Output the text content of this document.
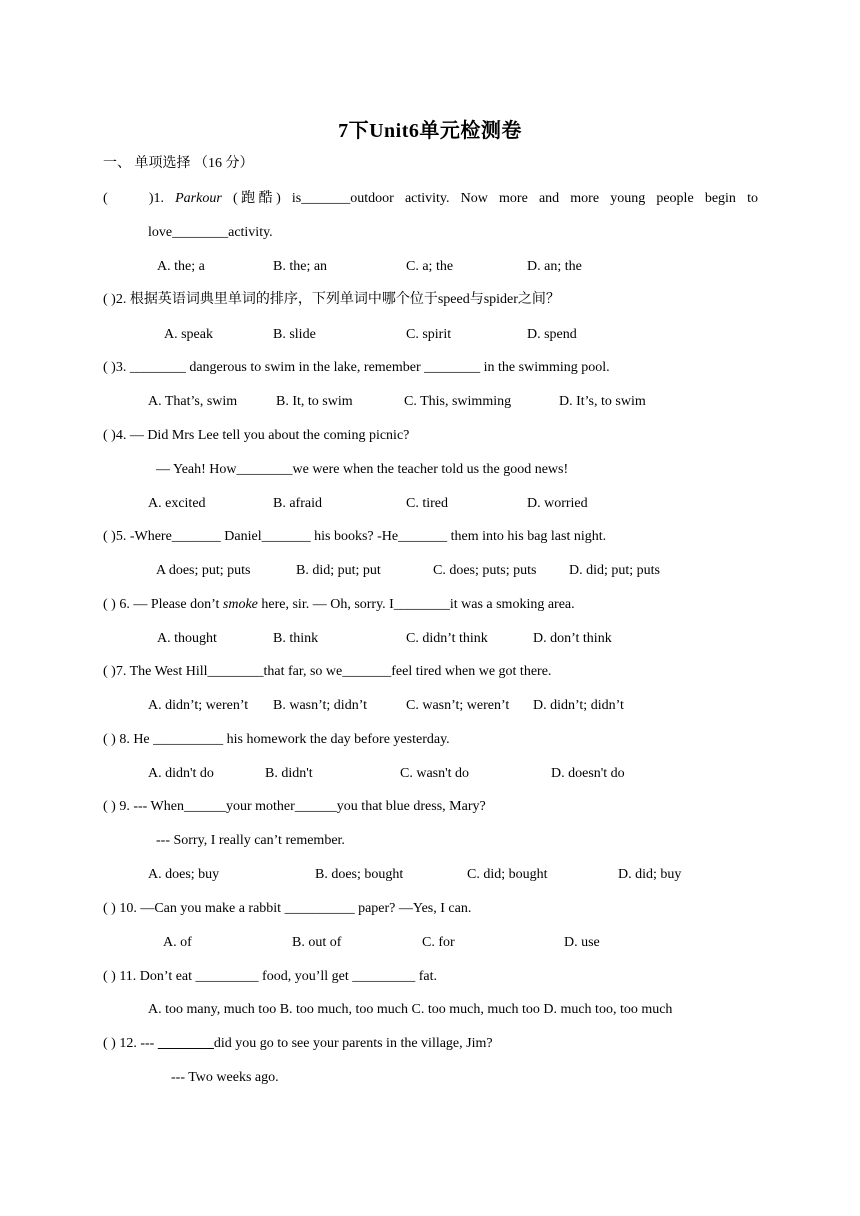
7下Unit6单元检测卷
一、 单项选择 （16 分）
(	)1. Parkour ( 跑 酷 ) is_______outdoor activity. Now more and more young people begin to
love________activity.
A. the; a	B. the; an	C. a; the	D. an; the
( )2. 根据英语词典里单词的排序，下列单词中哪个位于speed与spider之间？
A. speak	B. slide	C. spirit	D. spend
( )3. ________ dangerous to swim in the lake, remember ________ in the swimming pool.
A. That’s, swim	B. It, to swim	C. This, swimming	D. It’s, to swim
( )4. — Did Mrs Lee tell you about the coming picnic?
— Yeah! How________we were when the teacher told us the good news!
A. excited	B. afraid	C. tired	D. worried
( )5. -Where_______ Daniel_______ his books? -He_______ them into his bag last night.
A does; put; puts	B. did; put; put	C. does; puts; puts D. did; put; puts
( ) 6. — Please don’t smoke here, sir. — Oh, sorry. I________it was a smoking area.
A. thought	B. think	C. didn’t think	D. don’t think
( )7. The West Hill________that far, so we_______feel tired when we got there.
A. didn’t; weren’t B. wasn’t; didn’t	C. wasn’t; weren’t D. didn’t; didn’t
( ) 8. He __________ his homework the day before yesterday.
A. didn't do	B. didn't	C. wasn't do	D. doesn't do
( ) 9. --- When______your mother______you that blue dress, Mary?
--- Sorry, I really can’t remember.
A. does; buy	B. does; bought	C. did; bought	D. did; buy
( ) 10. —Can you make a rabbit __________ paper? —Yes, I can.
A. of	B. out of	C. for	D. use
( ) 11. Don’t eat _________ food, you’ll get _________ fat.
A. too many, much too B. too much, too much C. too much, much too D. much too, too much
( ) 12. --- ________did you go to see your parents in the village, Jim?
--- Two weeks ago.
